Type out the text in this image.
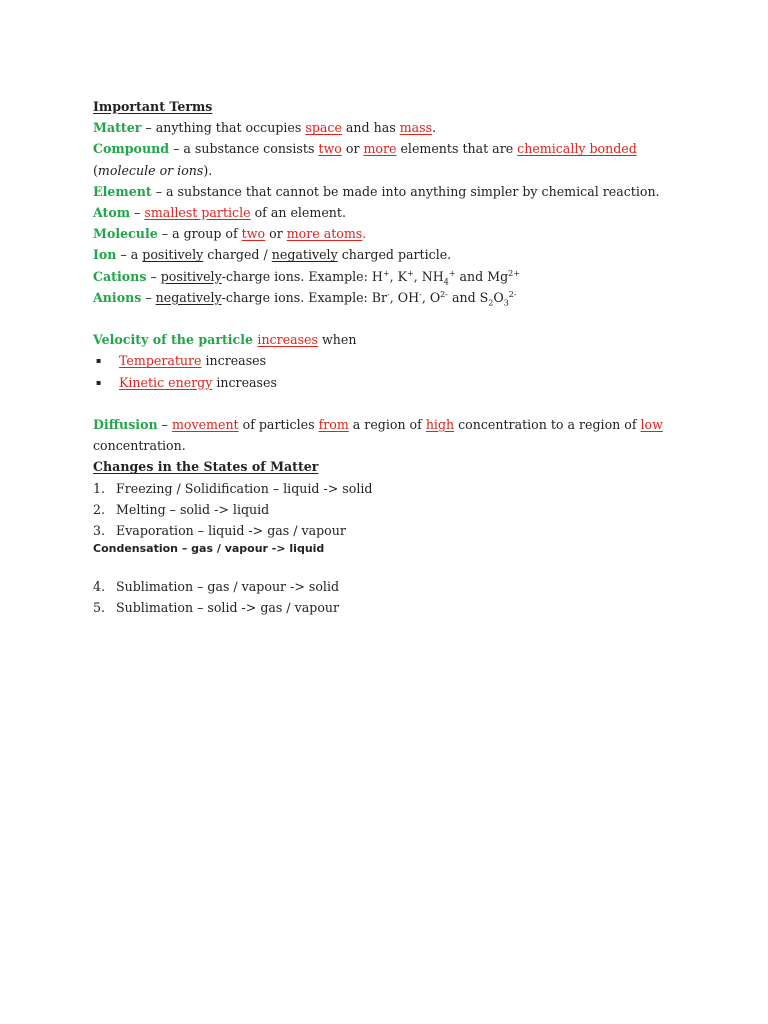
Important Terms
Matter – anything that occupies space and has mass.
Compound – a substance consists two or more elements that are chemically bonded (molecule or ions).
Element – a substance that cannot be made into anything simpler by chemical reaction.
Atom – smallest particle of an element.
Molecule – a group of two or more atoms.
Ion – a positively charged / negatively charged particle.
Cations – positively-charge ions. Example: H+, K+, $NH_4^+$ and $Mg^{2+}$
Anions – negatively-charge ions. Example: Br-, OH-, $O^{2-}$ and $S_2O_3^{2-}$
Velocity of the particle increases when
▪	Temperature increases
▪	Kinetic energy increases
Diffusion – movement of particles from a region of high concentration to a region of low concentration.
Changes in the States of Matter
1. Freezing / Solidification – liquid -> solid
2. Melting – solid -> liquid
3. Evaporation – liquid -> gas / vapour
Condensation – gas / vapour -> liquid
4. Sublimation – gas / vapour -> solid
5. Sublimation – solid -> gas / vapour
